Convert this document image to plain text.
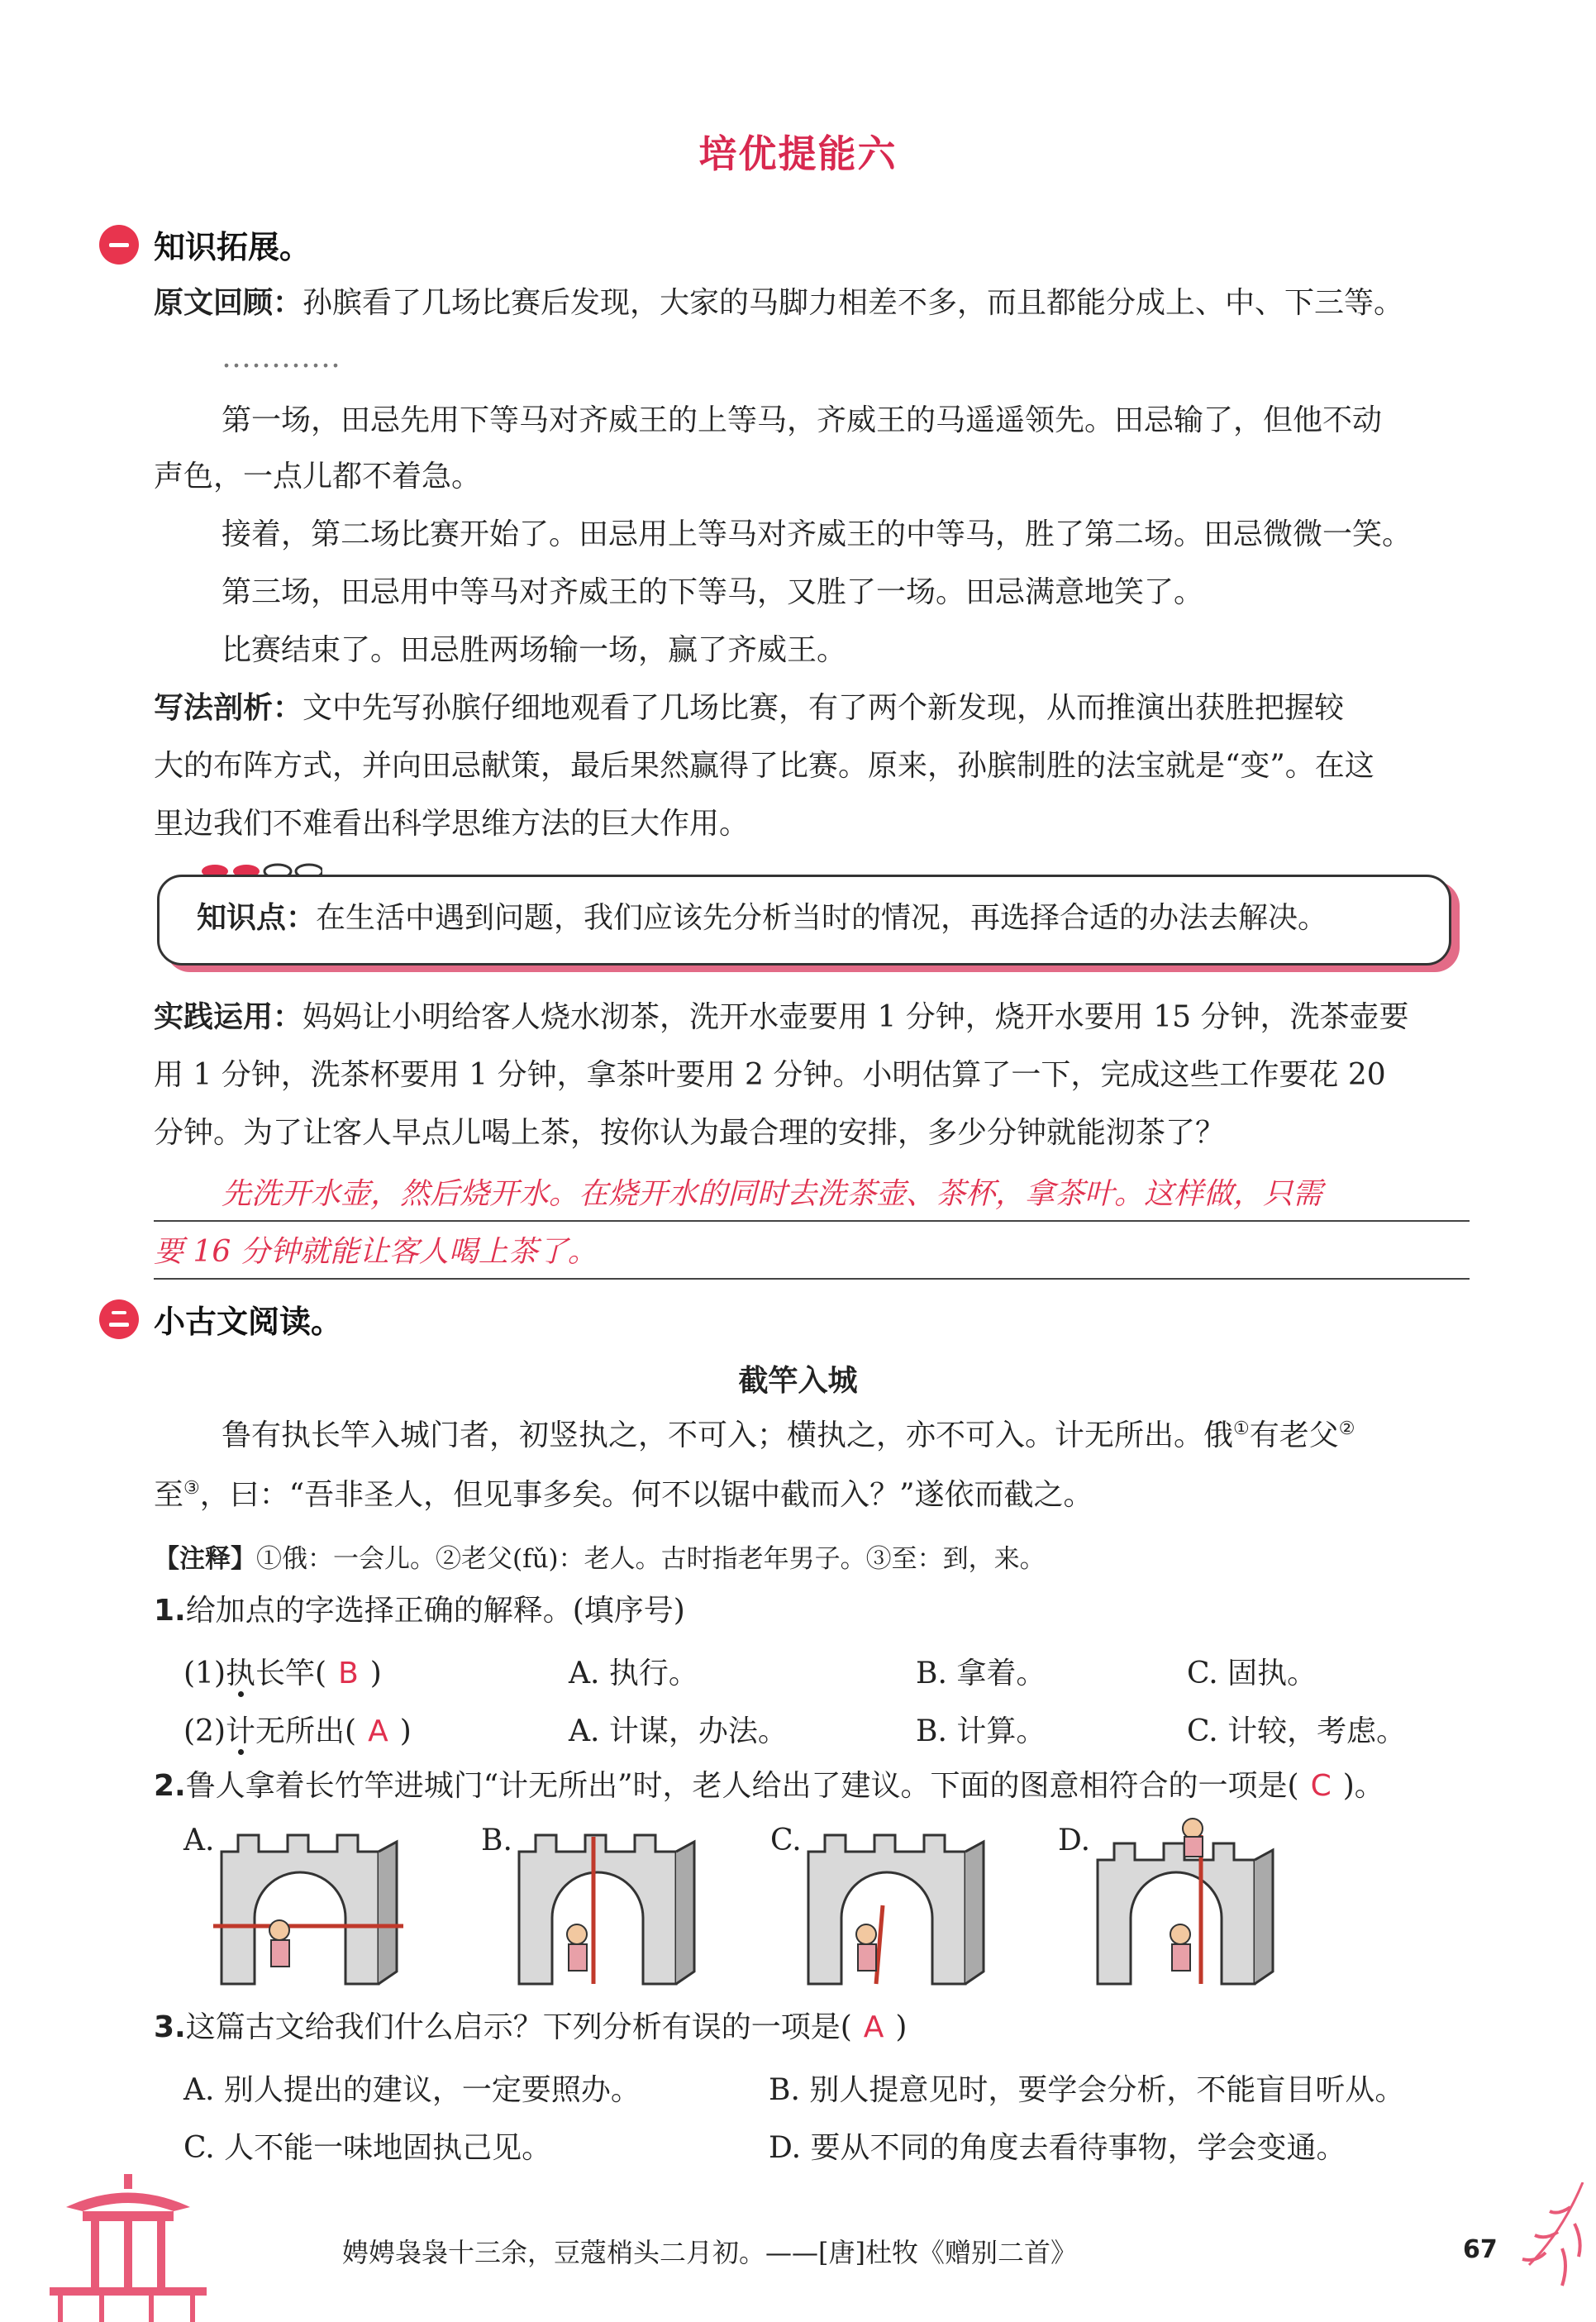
培优提能六
知识拓展。
原文回顾：孙膑看了几场比赛后发现，大家的马脚力相差不多，而且都能分成上、中、下三等。
…………
第一场，田忌先用下等马对齐威王的上等马，齐威王的马遥遥领先。田忌输了，但他不动
声色，一点儿都不着急。
接着，第二场比赛开始了。田忌用上等马对齐威王的中等马，胜了第二场。田忌微微一笑。
第三场，田忌用中等马对齐威王的下等马，又胜了一场。田忌满意地笑了。
比赛结束了。田忌胜两场输一场，赢了齐威王。
写法剖析：文中先写孙膑仔细地观看了几场比赛，有了两个新发现，从而推演出获胜把握较
大的布阵方式，并向田忌献策，最后果然赢得了比赛。原来，孙膑制胜的法宝就是“变”。在这
里边我们不难看出科学思维方法的巨大作用。
知识点：在生活中遇到问题，我们应该先分析当时的情况，再选择合适的办法去解决。
实践运用：妈妈让小明给客人烧水沏茶，洗开水壶要用 1 分钟，烧开水要用 15 分钟，洗茶壶要
用 1 分钟，洗茶杯要用 1 分钟，拿茶叶要用 2 分钟。小明估算了一下，完成这些工作要花 20
分钟。为了让客人早点儿喝上茶，按你认为最合理的安排，多少分钟就能沏茶了？
先洗开水壶，然后烧开水。在烧开水的同时去洗茶壶、茶杯，拿茶叶。这样做，只需
要 16 分钟就能让客人喝上茶了。
小古文阅读。
截竿入城
鲁有执长竿入城门者，初竖执之，不可入；横执之，亦不可入。计无所出。俄①有老父②
至③，曰：“吾非圣人，但见事多矣。何不以锯中截而入？”遂依而截之。
【注释】①俄：一会儿。②老父(fǔ)：老人。古时指老年男子。③至：到，来。
1.给加点的字选择正确的解释。(填序号)
(1)执长竿( B )	A. 执行。	B. 拿着。	C. 固执。
(2)计无所出( A )	A. 计谋，办法。	B. 计算。	C. 计较，考虑。
2.鲁人拿着长竹竿进城门“计无所出”时，老人给出了建议。下面的图意相符合的一项是( C )。
A.	B.	C.	D.
3.这篇古文给我们什么启示？下列分析有误的一项是( A )
A. 别人提出的建议，一定要照办。	B. 别人提意见时，要学会分析，不能盲目听从。
C. 人不能一味地固执己见。	D. 要从不同的角度去看待事物，学会变通。
娉娉袅袅十三余，豆蔻梢头二月初。——[唐]杜牧《赠别二首》	67
